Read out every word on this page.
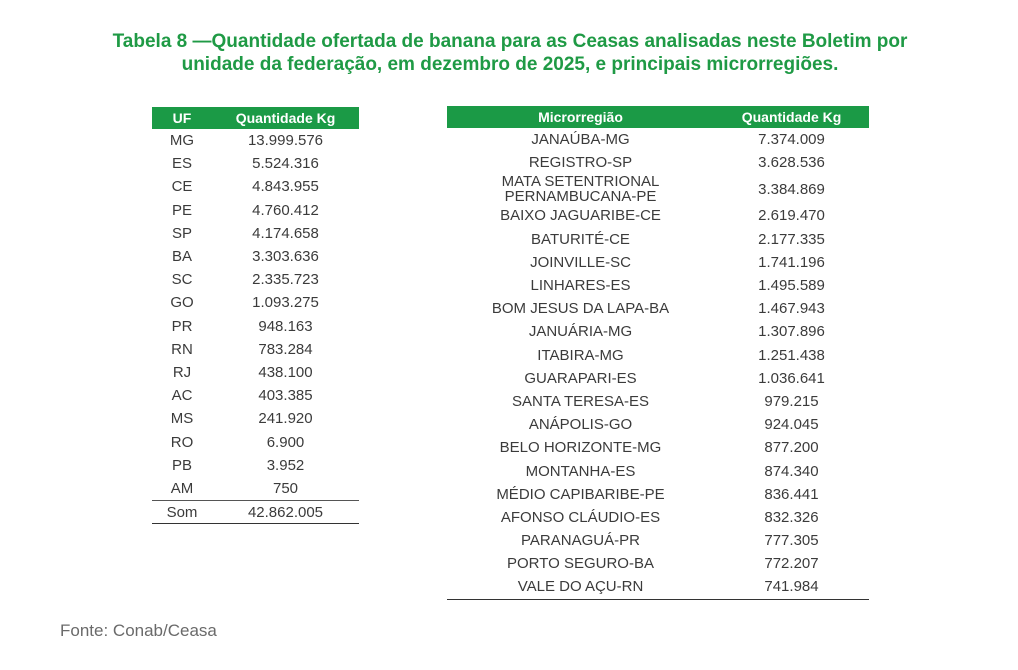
Tabela 8 —Quantidade ofertada de banana para as Ceasas analisadas neste Boletim por
unidade da federação, em dezembro de 2025, e principais microrregiões.
UF	Quantidade Kg
MG	13.999.576
ES	5.524.316
CE	4.843.955
PE	4.760.412
SP	4.174.658
BA	3.303.636
SC	2.335.723
GO	1.093.275
PR	948.163
RN	783.284
RJ	438.100
AC	403.385
MS	241.920
RO	6.900
PB	3.952
AM	750
Som	42.862.005
Microrregião	Quantidade Kg
JANAÚBA-MG	7.374.009
REGISTRO-SP	3.628.536
MATA SETENTRIONAL PERNAMBUCANA-PE	3.384.869
BAIXO JAGUARIBE-CE	2.619.470
BATURITÉ-CE	2.177.335
JOINVILLE-SC	1.741.196
LINHARES-ES	1.495.589
BOM JESUS DA LAPA-BA	1.467.943
JANUÁRIA-MG	1.307.896
ITABIRA-MG	1.251.438
GUARAPARI-ES	1.036.641
SANTA TERESA-ES	979.215
ANÁPOLIS-GO	924.045
BELO HORIZONTE-MG	877.200
MONTANHA-ES	874.340
MÉDIO CAPIBARIBE-PE	836.441
AFONSO CLÁUDIO-ES	832.326
PARANAGUÁ-PR	777.305
PORTO SEGURO-BA	772.207
VALE DO AÇU-RN	741.984
Fonte: Conab/Ceasa
